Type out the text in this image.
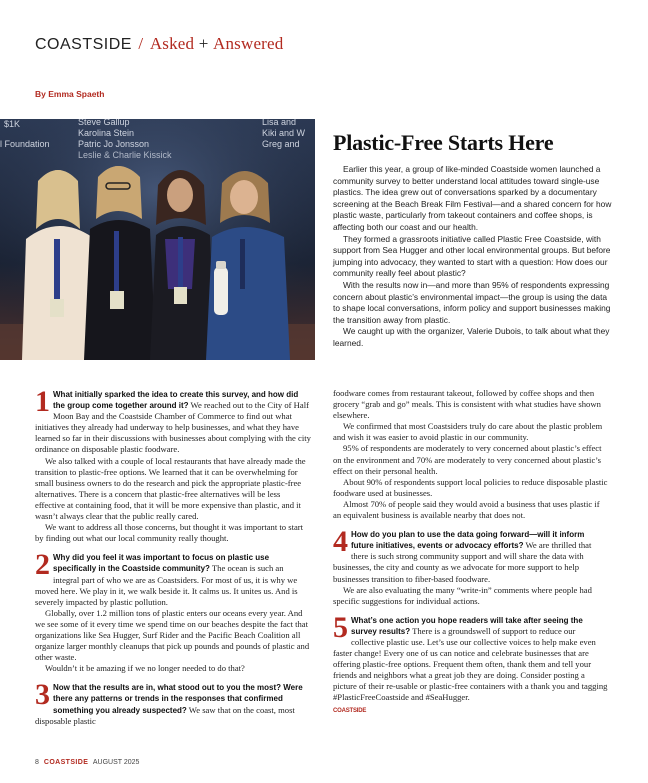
COASTSIDE / Asked + Answered
By Emma Spaeth
$1K	Steve Gallup
Karolina Stein
Patric Jo Jonsson
Leslie & Charlie Kissick
Lisa and
Kiki and W
Greg and
l Foundation	Plastic-Free Starts Here

Earlier this year, a group of like-minded Coastside women launched a community survey to better understand local attitudes toward single-use plastics. The idea grew out of conversations sparked by a documentary screening at the Beach Break Film Festival—and a shared concern for how plastic waste, particularly from takeout containers and coffee shops, is affecting both our coast and our health.

They formed a grassroots initiative called Plastic Free Coastside, with support from Sea Hugger and other local environmental groups. But before jumping into advocacy, they wanted to start with a question: How does our community really feel about plastic?

With the results now in—and more than 95% of respondents expressing concern about plastic’s environmental impact—the group is using the data to shape local conversations, inform policy and support businesses making the transition away from plastic.

We caught up with the organizer, Valerie Dubois, to talk about what they learned.

1 What initially sparked the idea to create this survey, and how did the group come together around it? We reached out to the City of Half Moon Bay and the Coastside Chamber of Commerce to find out what initiatives they already had underway to help businesses, and what they have learned so far in their discussions with businesses about complying with the city ordinance on disposable plastic foodware.

We also talked with a couple of local restaurants that have already made the transition to plastic-free options. We learned that it can be overwhelming for small business owners to do the research and pick the appropriate plastic-free alternatives. There is a concern that plastic-free alternatives will be less effective at containing food, that it will be more expensive than plastic, and it wasn’t always clear that the public really cared.

We want to address all those concerns, but thought it was important to start by finding out what our local community really thought.

2 Why did you feel it was important to focus on plastic use specifically in the Coastside community? The ocean is such an integral part of who we are as Coastsiders. For most of us, it is why we moved here. We play in it, we walk beside it. It calms us. It unites us. And is severely impacted by plastic pollution.

Globally, over 1.2 million tons of plastic enters our oceans every year. And we see some of it every time we spend time on our beaches despite the fact that organizations like Sea Hugger, Surf Rider and the Pacific Beach Coalition all organize larger monthly cleanups that pick up pounds and pounds of plastic and other waste.

Wouldn’t it be amazing if we no longer needed to do that?

3 Now that the results are in, what stood out to you the most? Were there any patterns or trends in the responses that confirmed something you already suspected? We saw that on the coast, most disposable plastic

foodware comes from restaurant takeout, followed by coffee shops and then grocery “grab and go” meals. This is consistent with what studies have shown elsewhere.

We confirmed that most Coastsiders truly do care about the plastic problem and wish it was easier to avoid plastic in our community.

95% of respondents are moderately to very concerned about plastic’s effect on the environment and 70% are moderately to very concerned about plastic’s effect on their personal health.

About 90% of respondents support local policies to reduce disposable plastic foodware used at businesses.

Almost 70% of people said they would avoid a business that uses plastic if an equivalent business is available nearby that does not.

4 How do you plan to use the data going forward—will it inform future initiatives, events or advocacy efforts? We are thrilled that there is such strong community support and will share the data with businesses, the city and county as we advocate for more support to help businesses transition to fiber-based foodware.

We are also evaluating the many “write-in” comments where people had specific suggestions for individual actions.

5 What’s one action you hope readers will take after seeing the survey results? There is a groundswell of support to reduce our collective plastic use. Let’s use our collective voices to help make even faster change! Every one of us can notice and celebrate businesses that are offering plastic-free options. Frequent them often, thank them and tell your friends and neighbors what a great job they are doing. Consider posting a picture of their re-usable or plastic-free containers with a thank you and tagging #PlasticFreeCoastside and #SeaHugger.

COASTSIDE
8 COASTSIDE AUGUST 2025
